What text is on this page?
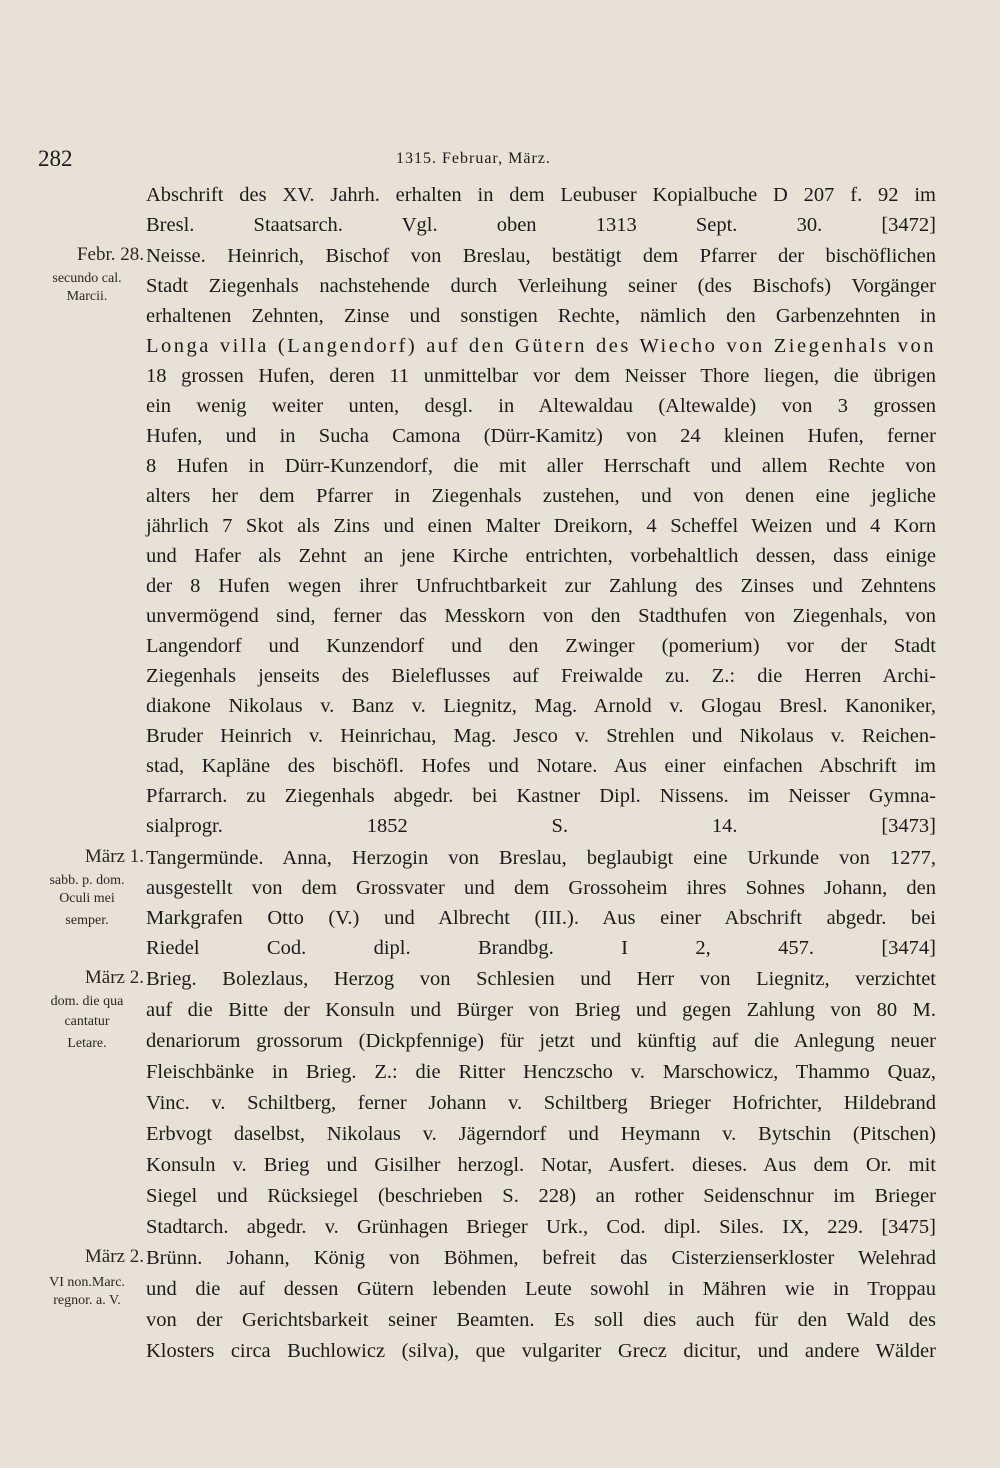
282	1315. Februar, März.
Abschrift des XV. Jahrh. erhalten in dem Leubuser Kopialbuche D 207 f. 92 im
Bresl. Staatsarch. Vgl. oben 1313 Sept. 30. [3472]
Febr. 28.
secundo cal.
Marcii.
Neisse. Heinrich, Bischof von Breslau, bestätigt dem Pfarrer der bischöflichen
Stadt Ziegenhals nachstehende durch Verleihung seiner (des Bischofs) Vorgänger
erhaltenen Zehnten, Zinse und sonstigen Rechte, nämlich den Garbenzehnten in
Longa villa (Langendorf) auf den Gütern des Wiecho von Ziegenhals von
18 grossen Hufen, deren 11 unmittelbar vor dem Neisser Thore liegen, die übrigen
ein wenig weiter unten, desgl. in Altewaldau (Altewalde) von 3 grossen
Hufen, und in Sucha Camona (Dürr-Kamitz) von 24 kleinen Hufen, ferner
8 Hufen in Dürr-Kunzendorf, die mit aller Herrschaft und allem Rechte von
alters her dem Pfarrer in Ziegenhals zustehen, und von denen eine jegliche
jährlich 7 Skot als Zins und einen Malter Dreikorn, 4 Scheffel Weizen und 4 Korn
und Hafer als Zehnt an jene Kirche entrichten, vorbehaltlich dessen, dass einige
der 8 Hufen wegen ihrer Unfruchtbarkeit zur Zahlung des Zinses und Zehntens
unvermögend sind, ferner das Messkorn von den Stadthufen von Ziegenhals, von
Langendorf und Kunzendorf und den Zwinger (pomerium) vor der Stadt
Ziegenhals jenseits des Bieleflusses auf Freiwalde zu. Z.: die Herren Archi-
diakone Nikolaus v. Banz v. Liegnitz, Mag. Arnold v. Glogau Bresl. Kanoniker,
Bruder Heinrich v. Heinrichau, Mag. Jesco v. Strehlen und Nikolaus v. Reichen-
stad, Kapläne des bischöfl. Hofes und Notare. Aus einer einfachen Abschrift im
Pfarrarch. zu Ziegenhals abgedr. bei Kastner Dipl. Nissens. im Neisser Gymna-
sialprogr. 1852 S. 14. [3473]
März 1.
sabb. p. dom.
Oculi mei
semper.
Tangermünde. Anna, Herzogin von Breslau, beglaubigt eine Urkunde von 1277,
ausgestellt von dem Grossvater und dem Grossoheim ihres Sohnes Johann, den
Markgrafen Otto (V.) und Albrecht (III.). Aus einer Abschrift abgedr. bei
Riedel Cod. dipl. Brandbg. I 2, 457. [3474]
März 2.
dom. die qua
cantatur
Letare.
Brieg. Bolezlaus, Herzog von Schlesien und Herr von Liegnitz, verzichtet
auf die Bitte der Konsuln und Bürger von Brieg und gegen Zahlung von 80 M.
denariorum grossorum (Dickpfennige) für jetzt und künftig auf die Anlegung neuer
Fleischbänke in Brieg. Z.: die Ritter Henczscho v. Marschowicz, Thammo Quaz,
Vinc. v. Schiltberg, ferner Johann v. Schiltberg Brieger Hofrichter, Hildebrand
Erbvogt daselbst, Nikolaus v. Jägerndorf und Heymann v. Bytschin (Pitschen)
Konsuln v. Brieg und Gisilher herzogl. Notar, Ausfert. dieses. Aus dem Or. mit
Siegel und Rücksiegel (beschrieben S. 228) an rother Seidenschnur im Brieger
Stadtarch. abgedr. v. Grünhagen Brieger Urk., Cod. dipl. Siles. IX, 229. [3475]
März 2.
VI non.Marc.
regnor. a. V.
Brünn. Johann, König von Böhmen, befreit das Cisterzienserkloster Welehrad
und die auf dessen Gütern lebenden Leute sowohl in Mähren wie in Troppau
von der Gerichtsbarkeit seiner Beamten. Es soll dies auch für den Wald des
Klosters circa Buchlowicz (silva), que vulgariter Grecz dicitur, und andere Wälder
